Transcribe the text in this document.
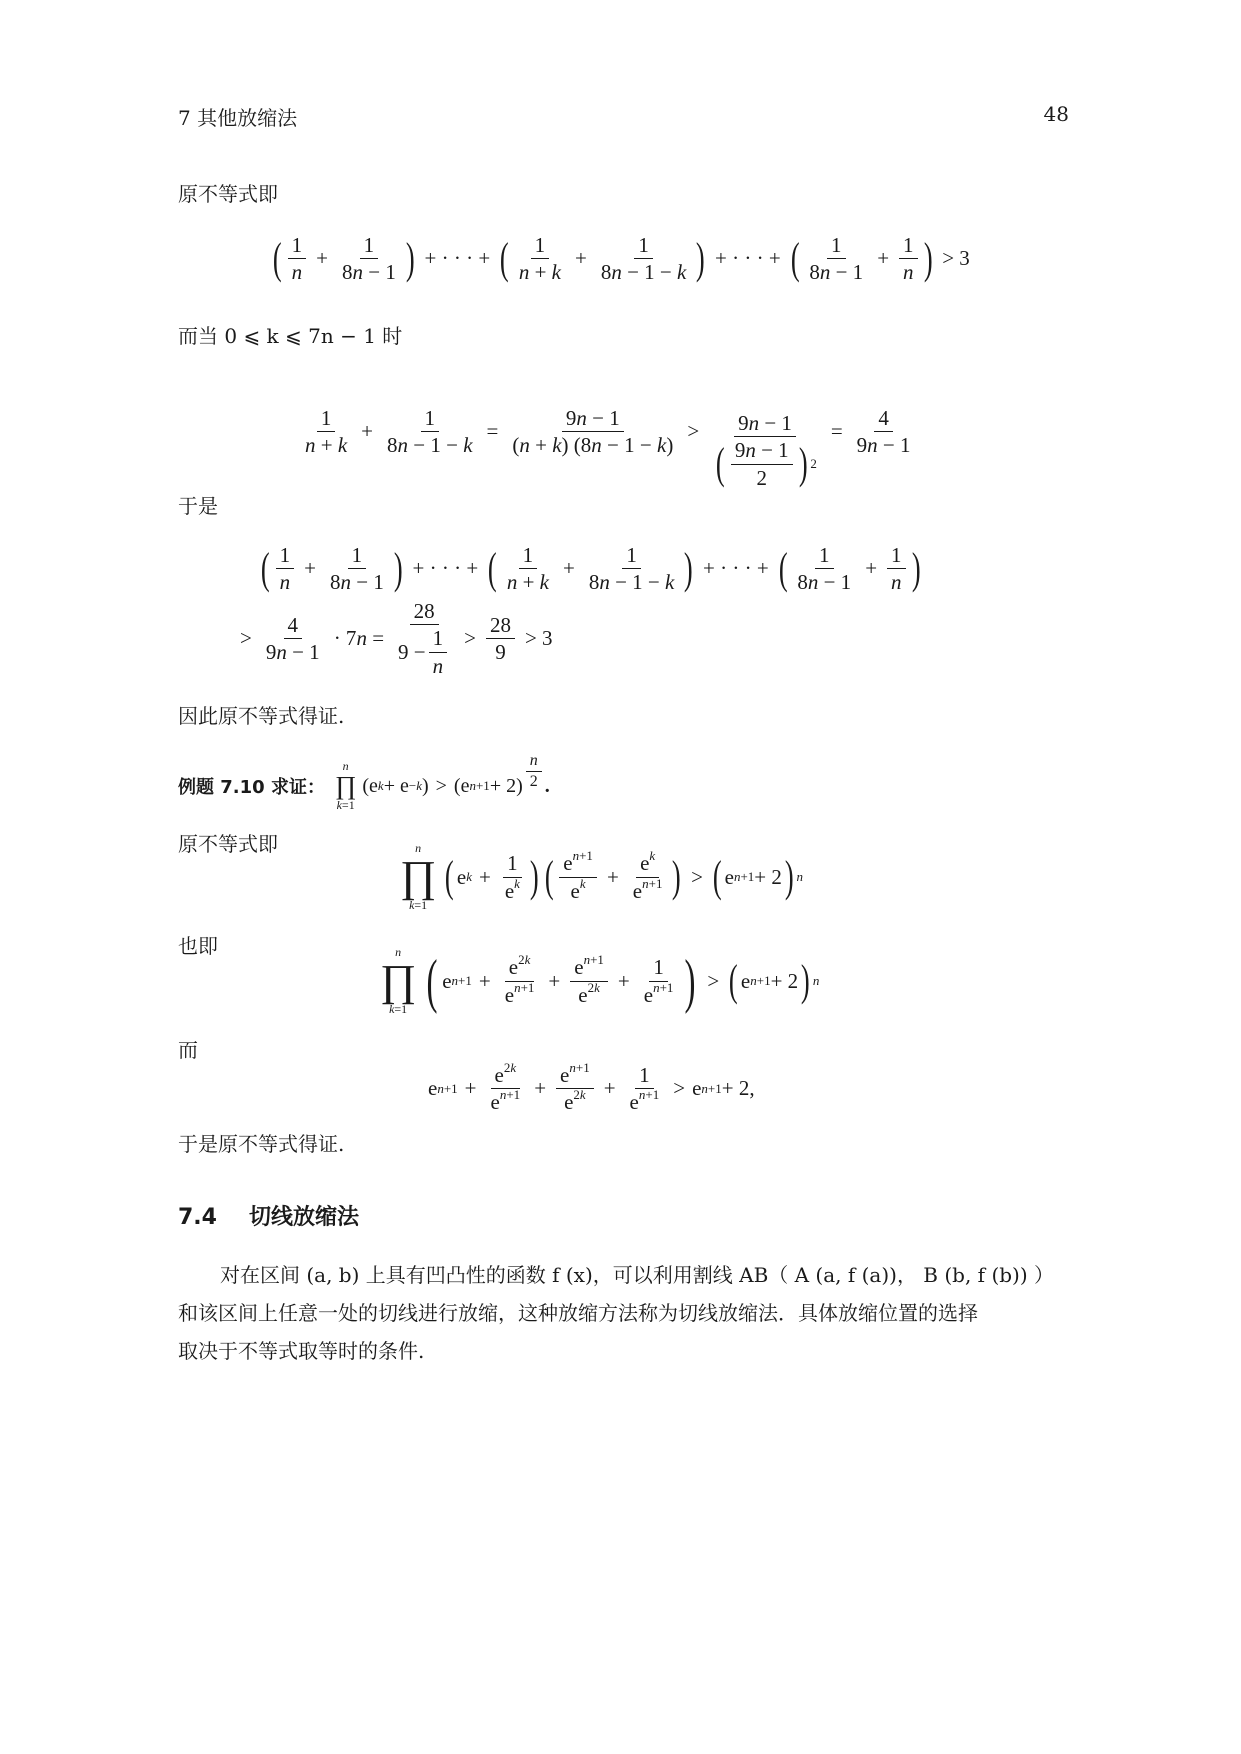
7 其他放缩法	48
原不等式即
( $\frac{1}{n} + \frac{1}{8n - 1}$ ) + · · · + ( $\frac{1}{n + k} + \frac{1}{8n - 1 - k}$ ) + · · · + ( $\frac{1}{8n - 1} + \frac{1}{n}$ ) > 3
而当 0 ⩽ k ⩽ 7n − 1 时
$\frac{1}{n + k} + \frac{1}{8n - 1 - k} = \frac{9n - 1}{(n + k) (8n - 1 - k)} > \frac{9n - 1}{( \frac{9n - 1}{2} ) 2} = \frac{4}{9n - 1}$
于是
( $\frac{1}{n} + \frac{1}{8n - 1}$ ) + · · · + ( $\frac{1}{n + k} + \frac{1}{8n - 1 - k}$ ) + · · · + ( $\frac{1}{8n - 1} + \frac{1}{n}$ )
> $\frac{4}{9n - 1} \cdot 7n = \frac{28}{9 - \frac{1}{n}} > \frac{28}{9} > 3$
因此原不等式得证.
例题 7.10 求证：
n
∏
k=1
(e k + e −k ) > (e $n+1 + 2) \frac{n}{2}$ .
原不等式即	n
∏
k=1
( e $k + \frac{1}{e^k}$ ) ( $\frac{e^{n+1}}{e^k} + \frac{e^k}{e^{n+1}}$ ) > ( e n+1 + 2 ) n
也即	n
∏
k=1 ( e $n+1 + \frac{e^{2k}}{e^{n+1}} + \frac{e^{n+1}}{e^{2k}} + \frac{1}{e^{n+1}}$ ) > ( e n+1 + 2 ) n
而
e $n+1 + \frac{e^{2k}}{e^{n+1}} + \frac{e^{n+1}}{e^{2k}} + \frac{1}{e^{n+1}} > e$ n+1 + 2,
于是原不等式得证.
7.4 切线放缩法

对在区间 (a, b) 上具有凹凸性的函数 f (x)，可以利用割线 AB（ A (a, f (a))， B (b, f (b)) ）

和该区间上任意一处的切线进行放缩，这种放缩方法称为切线放缩法．具体放缩位置的选择

取决于不等式取等时的条件.
